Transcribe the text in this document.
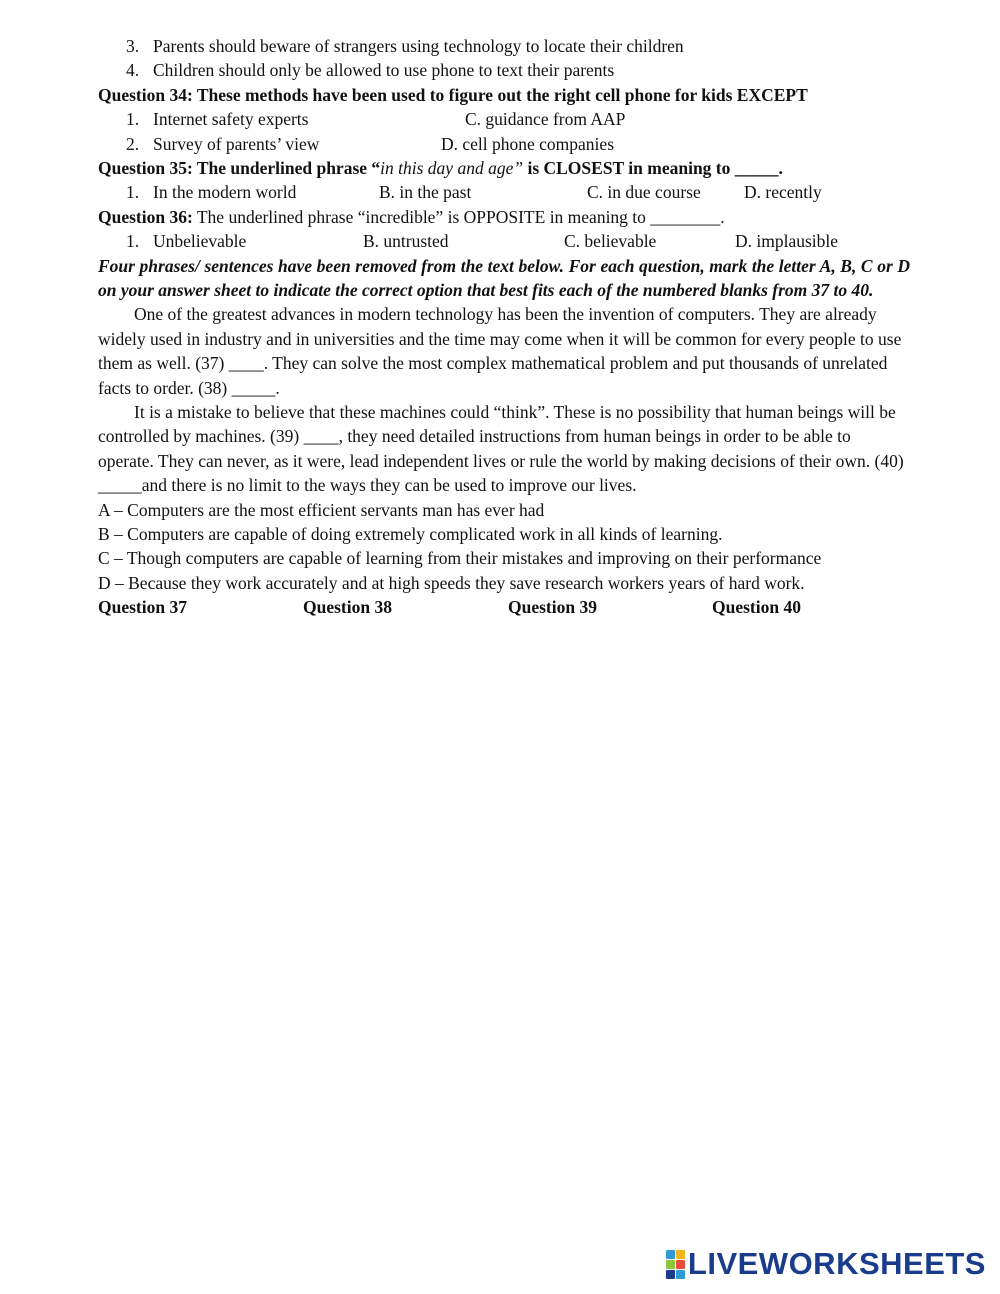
3. Parents should beware of strangers using technology to locate their children
4. Children should only be allowed to use phone to text their parents
Question 34: These methods have been used to figure out the right cell phone for kids EXCEPT
1. Internet safety experts	C. guidance from AAP
2. Survey of parents’ view	D. cell phone companies
Question 35: The underlined phrase “in this day and age” is CLOSEST in meaning to _____.
1. In the modern world	B. in the past	C. in due course D. recently
Question 36: The underlined phrase “incredible” is OPPOSITE in meaning to ________.
1. Unbelievable	B. untrusted	C. believable	D. implausible
Four phrases/ sentences have been removed from the text below. For each question, mark the letter A, B, C or D on your answer sheet to indicate the correct option that best fits each of the numbered blanks from 37 to 40.
One of the greatest advances in modern technology has been the invention of computers. They are already widely used in industry and in universities and the time may come when it will be common for every people to use them as well. (37) ____. They can solve the most complex mathematical problem and put thousands of unrelated facts to order. (38) _____.
It is a mistake to believe that these machines could “think”. These is no possibility that human beings will be controlled by machines. (39) ____, they need detailed instructions from human beings in order to be able to operate. They can never, as it were, lead independent lives or rule the world by making decisions of their own. (40) _____and there is no limit to the ways they can be used to improve our lives.
A – Computers are the most efficient servants man has ever had
B – Computers are capable of doing extremely complicated work in all kinds of learning.
C – Though computers are capable of learning from their mistakes and improving on their performance
D – Because they work accurately and at high speeds they save research workers years of hard work.
Question 37	Question 38	Question 39	Question 40
LIVEWORKSHEETS
